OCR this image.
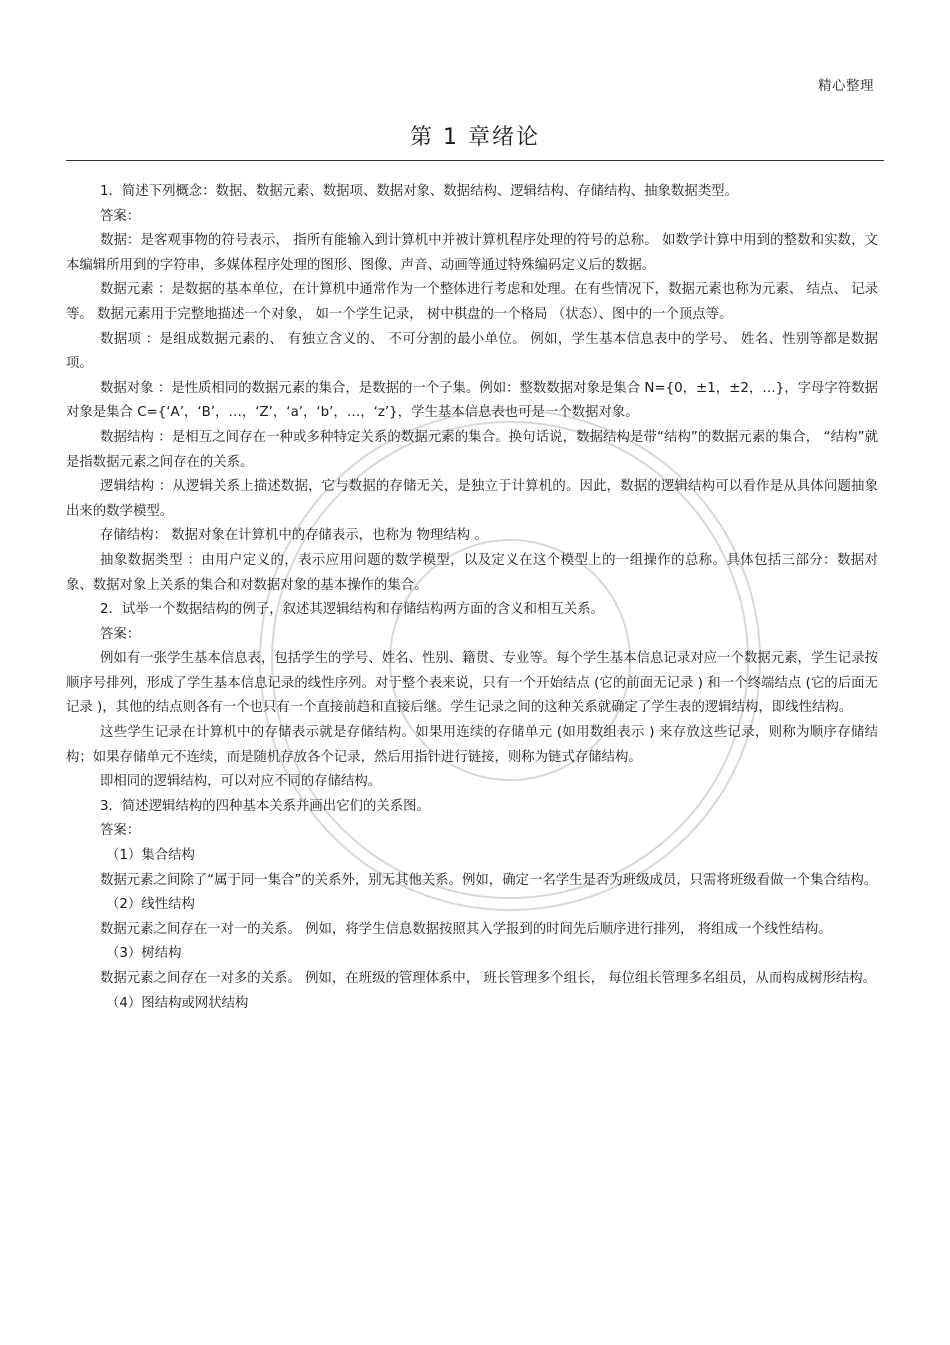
精心整理
第 1 章绪论

1．简述下列概念：数据、数据元素、数据项、数据对象、数据结构、逻辑结构、存储结构、抽象数据类型。

答案：

数据：是客观事物的符号表示， 指所有能输入到计算机中并被计算机程序处理的符号的总称。 如数学计算中用到的整数和实数，文本编辑所用到的字符串，多媒体程序处理的图形、图像、声音、动画等通过特殊编码定义后的数据。

数据元素 ：是数据的基本单位，在计算机中通常作为一个整体进行考虑和处理。在有些情况下，数据元素也称为元素、 结点、 记录等。 数据元素用于完整地描述一个对象， 如一个学生记录， 树中棋盘的一个格局 （状态）、图中的一个顶点等。

数据项 ：是组成数据元素的、 有独立含义的、 不可分割的最小单位。 例如，学生基本信息表中的学号、 姓名、性别等都是数据项。

数据对象 ：是性质相同的数据元素的集合，是数据的一个子集。例如：整数数据对象是集合 N={0，±1，±2，…}，字母字符数据对象是集合 C={‘A’，‘B’，…，‘Z’，‘a’，‘b’，…，‘z’}，学生基本信息表也可是一个数据对象。

数据结构 ：是相互之间存在一种或多种特定关系的数据元素的集合。换句话说，数据结构是带“结构”的数据元素的集合， “结构”就是指数据元素之间存在的关系。

逻辑结构 ：从逻辑关系上描述数据，它与数据的存储无关，是独立于计算机的。因此，数据的逻辑结构可以看作是从具体问题抽象出来的数学模型。

存储结构： 数据对象在计算机中的存储表示，也称为 物理结构 。

抽象数据类型 ：由用户定义的，表示应用问题的数学模型，以及定义在这个模型上的一组操作的总称。具体包括三部分：数据对象、数据对象上关系的集合和对数据对象的基本操作的集合。

2．试举一个数据结构的例子，叙述其逻辑结构和存储结构两方面的含义和相互关系。

答案：

例如有一张学生基本信息表，包括学生的学号、姓名、性别、籍贯、专业等。每个学生基本信息记录对应一个数据元素，学生记录按顺序号排列，形成了学生基本信息记录的线性序列。对于整个表来说，只有一个开始结点 (它的前面无记录 ) 和一个终端结点 (它的后面无记录 )，其他的结点则各有一个也只有一个直接前趋和直接后继。学生记录之间的这种关系就确定了学生表的逻辑结构，即线性结构。

这些学生记录在计算机中的存储表示就是存储结构。如果用连续的存储单元 (如用数组表示 ) 来存放这些记录，则称为顺序存储结构；如果存储单元不连续，而是随机存放各个记录，然后用指针进行链接，则称为链式存储结构。

即相同的逻辑结构，可以对应不同的存储结构。

3．简述逻辑结构的四种基本关系并画出它们的关系图。

答案：

（1）集合结构

数据元素之间除了“属于同一集合”的关系外，别无其他关系。例如，确定一名学生是否为班级成员，只需将班级看做一个集合结构。

（2）线性结构

数据元素之间存在一对一的关系。 例如，将学生信息数据按照其入学报到的时间先后顺序进行排列， 将组成一个线性结构。

（3）树结构

数据元素之间存在一对多的关系。 例如，在班级的管理体系中， 班长管理多个组长， 每位组长管理多名组员，从而构成树形结构。

（4）图结构或网状结构
